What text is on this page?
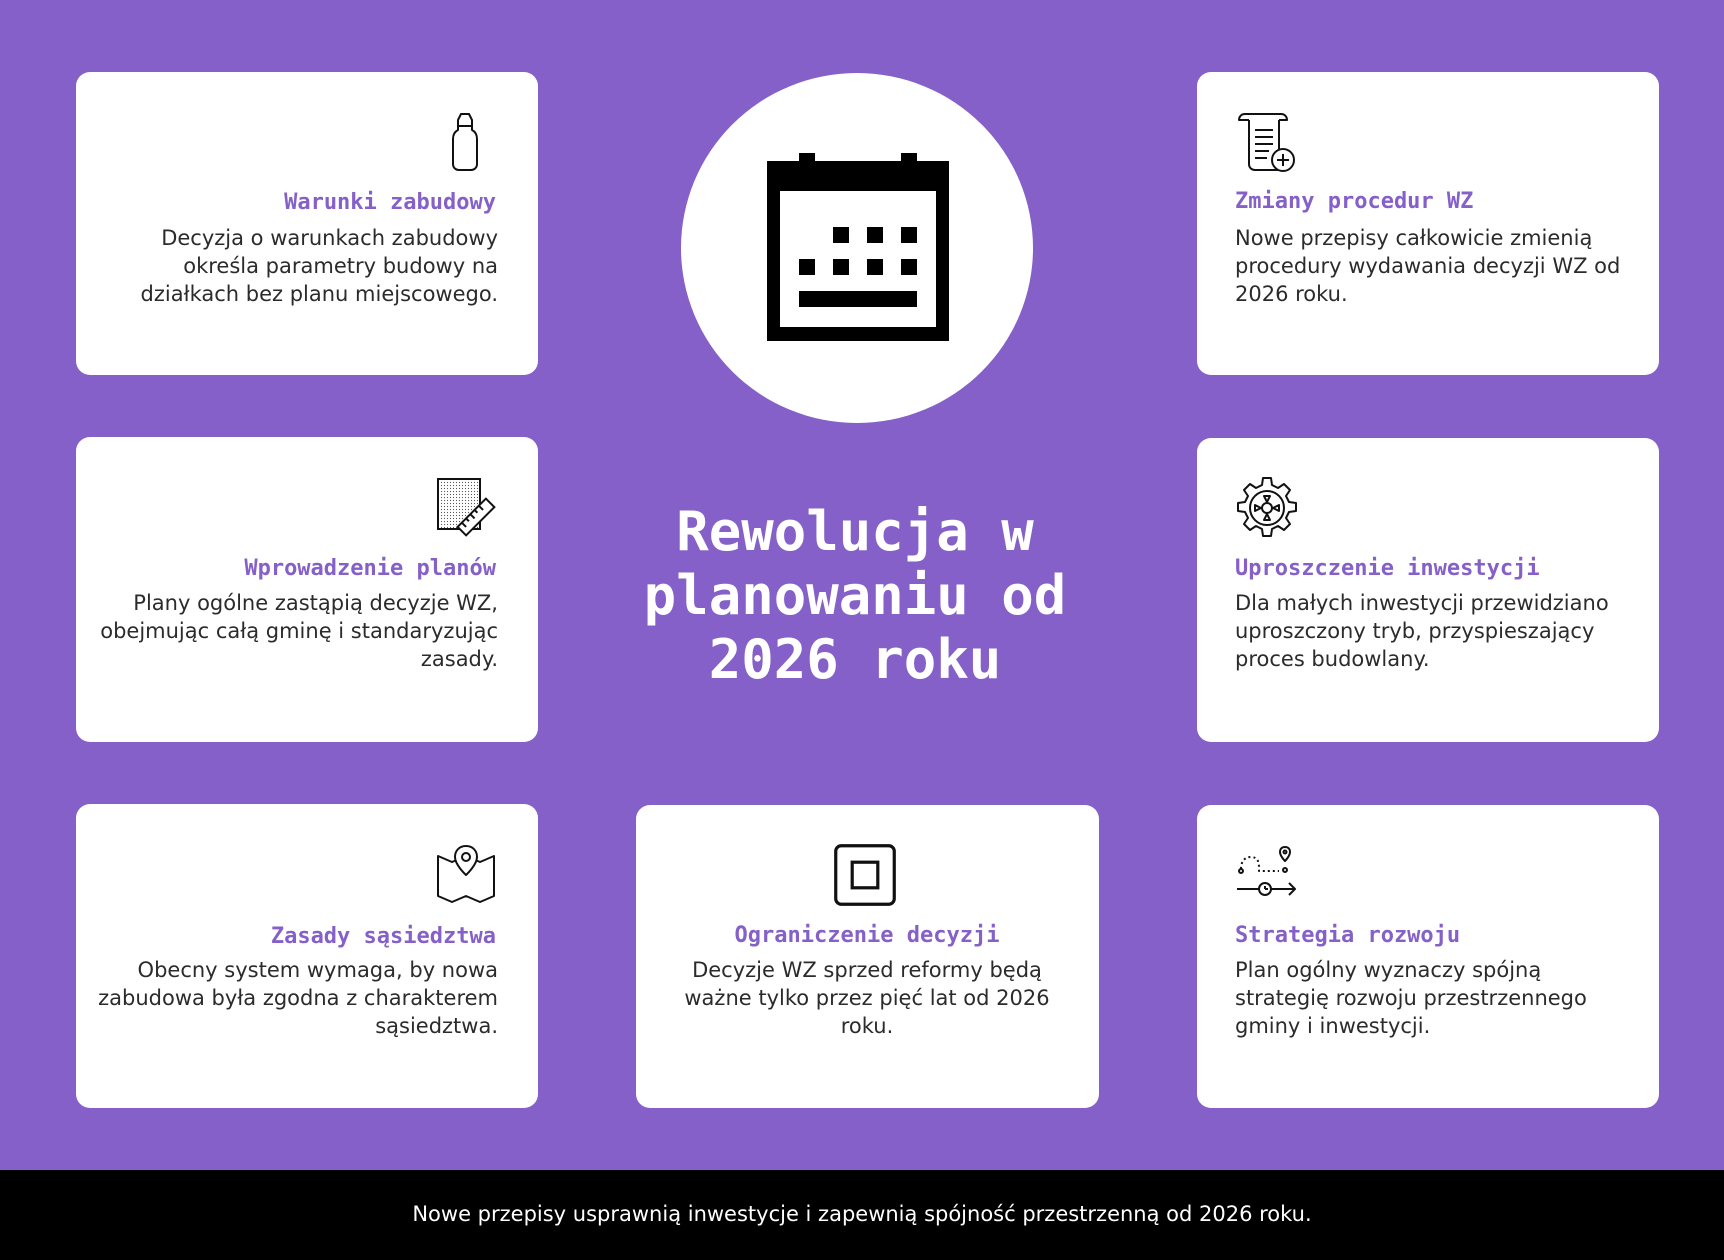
Warunki zabudowy
Decyzja o warunkach zabudowy określa parametry budowy na działkach bez planu miejscowego.
Wprowadzenie planów
Plany ogólne zastąpią decyzje WZ, obejmując całą gminę i standaryzując zasady.
Zasady sąsiedztwa
Obecny system wymaga, by nowa zabudowa była zgodna z charakterem sąsiedztwa.
Zmiany procedur WZ
Nowe przepisy całkowicie zmienią procedury wydawania decyzji WZ od 2026 roku.
Uproszczenie inwestycji
Dla małych inwestycji przewidziano uproszczony tryb, przyspieszający proces budowlany.
Strategia rozwoju
Plan ogólny wyznaczy spójną strategię rozwoju przestrzennego gminy i inwestycji.
Ograniczenie decyzji
Decyzje WZ sprzed reformy będą ważne tylko przez pięć lat od 2026 roku.
Rewolucja w planowaniu od 2026 roku
Nowe przepisy usprawnią inwestycje i zapewnią spójność przestrzenną od 2026 roku.
